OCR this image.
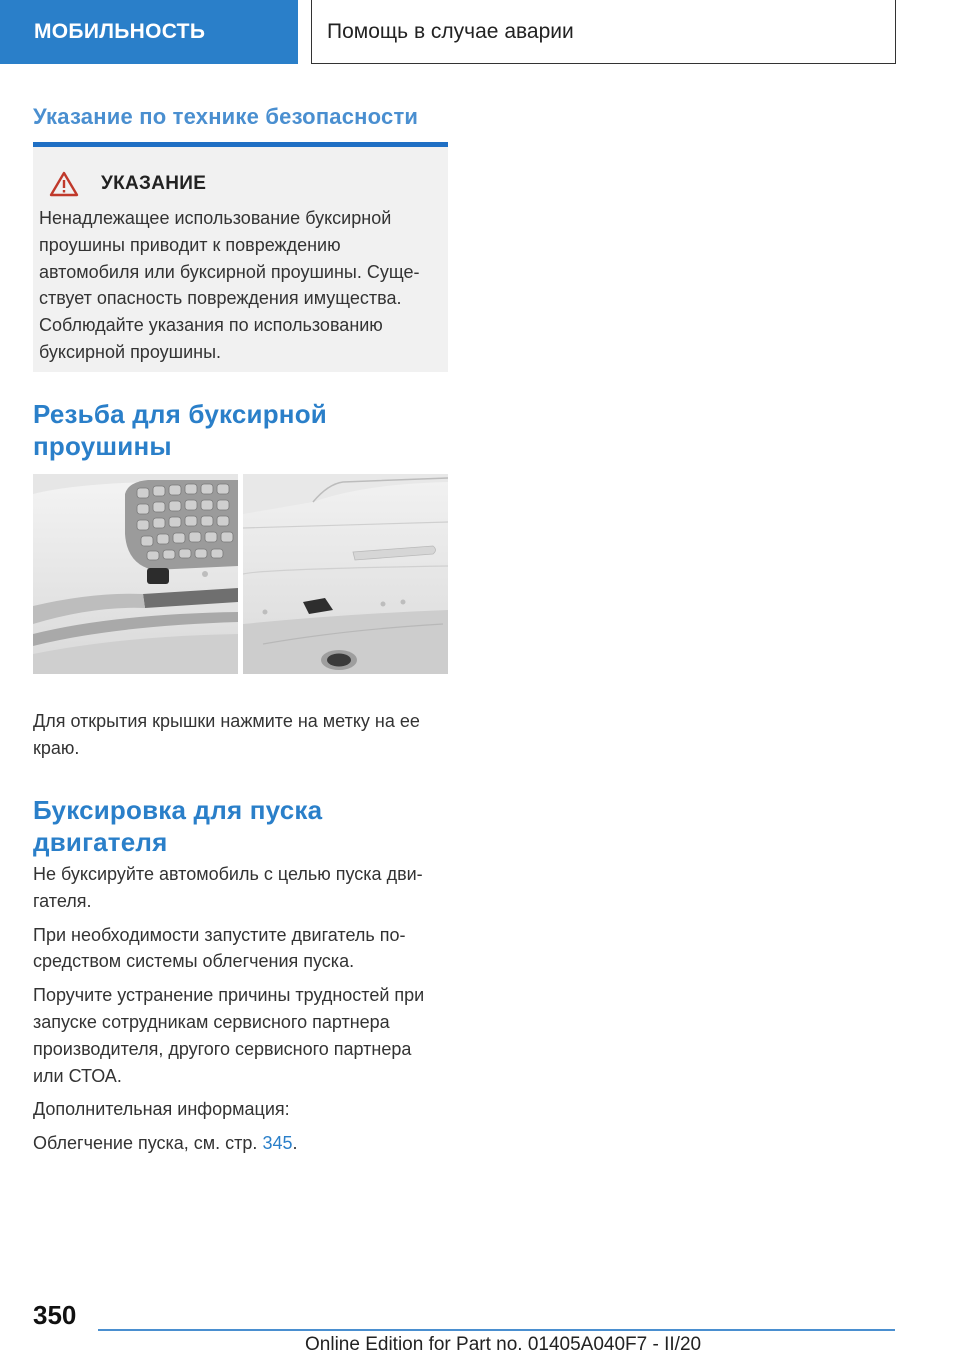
МОБИЛЬНОСТЬ	Помощь в случае аварии
Указание по технике безопасности
УКАЗАНИЕ
Ненадлежащее использование буксирной
проушины приводит к повреждению
автомобиля или буксирной проушины. Суще-
ствует опасность повреждения имущества.
Соблюдайте указания по использованию
буксирной проушины.
Резьба для буксирной
проушины

Для открытия крышки нажмите на метку на ее

краю.

Буксировка для пуска
двигателя

Не буксируйте автомобиль с целью пуска дви-

гателя.

При необходимости запустите двигатель по-

средством системы облегчения пуска.

Поручите устранение причины трудностей при

запуске сотрудникам сервисного партнера

производителя, другого сервисного партнера

или СТОА.

Дополнительная информация:

Облегчение пуска, см. стр. 345.

350
Online Edition for Part no. 01405A040F7 - II/20
